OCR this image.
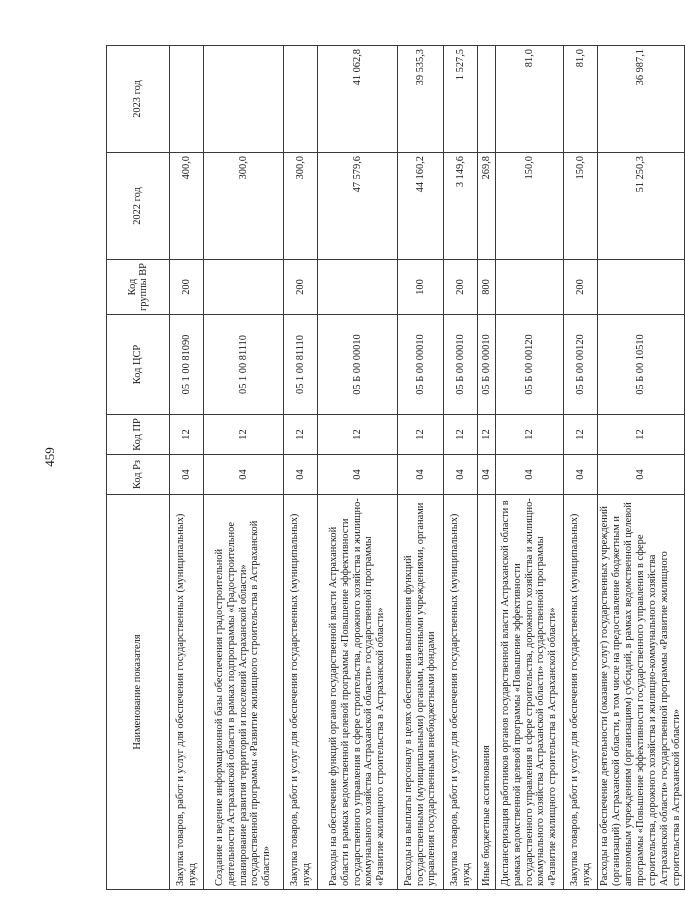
459
Наименование показателя	Код Рз	Код ПР	Код ЦСР	Код группы ВР	2022 год	2023 год
Закупка товаров, работ и услуг для обеспечения государственных (муниципальных) нужд	04	12	05 1 00 81090	200	400,0	
Создание и ведение информационной базы обеспечения градостроительной деятельности Астраханской области в рамках подпрограммы «Градостроительное планирование развития территорий и поселений Астраханской области» государственной программы «Развитие жилищного строительства в Астраханской области»	04	12	05 1 00 81110		300,0	
Закупка товаров, работ и услуг для обеспечения государственных (муниципальных) нужд	04	12	05 1 00 81110	200	300,0	
Расходы на обеспечение функций органов государственной власти Астраханской области в рамках ведомственной целевой программы «Повышение эффективности государственного управления в сфере строительства, дорожного хозяйства и жилищно-коммунального хозяйства Астраханской области» государственной программы «Развитие жилищного строительства в Астраханской области»	04	12	05 Б 00 00010		47 579,6	41 062,8
Расходы на выплаты персоналу в целях обеспечения выполнения функций государственными (муниципальными) органами, казенными учреждениями, органами управления государственными внебюджетными фондами	04	12	05 Б 00 00010	100	44 160,2	39 535,3
Закупка товаров, работ и услуг для обеспечения государственных (муниципальных) нужд	04	12	05 Б 00 00010	200	3 149,6	1 527,5
Иные бюджетные ассигнования	04	12	05 Б 00 00010	800	269,8	
Диспансеризация работников органов государственной власти Астраханской области в рамках ведомственной целевой программы «Повышение эффективности государственного управления в сфере строительства, дорожного хозяйства и жилищно-коммунального хозяйства Астраханской области» государственной программы «Развитие жилищного строительства в Астраханской области»	04	12	05 Б 00 00120		150,0	81,0
Закупка товаров, работ и услуг для обеспечения государственных (муниципальных) нужд	04	12	05 Б 00 00120	200	150,0	81,0
Расходы на обеспечение деятельности (оказание услуг) государственных учреждений (организаций) Астраханской области, в том числе на предоставление бюджетным и автономным учреждениям (организациям) субсидий, в рамках ведомственной целевой программы «Повышение эффективности государственного управления в сфере строительства, дорожного хозяйства и жилищно-коммунального хозяйства Астраханской области» государственной программы «Развитие жилищного строительства в Астраханской области»	04	12	05 Б 00 10510		51 250,3	36 987,1
